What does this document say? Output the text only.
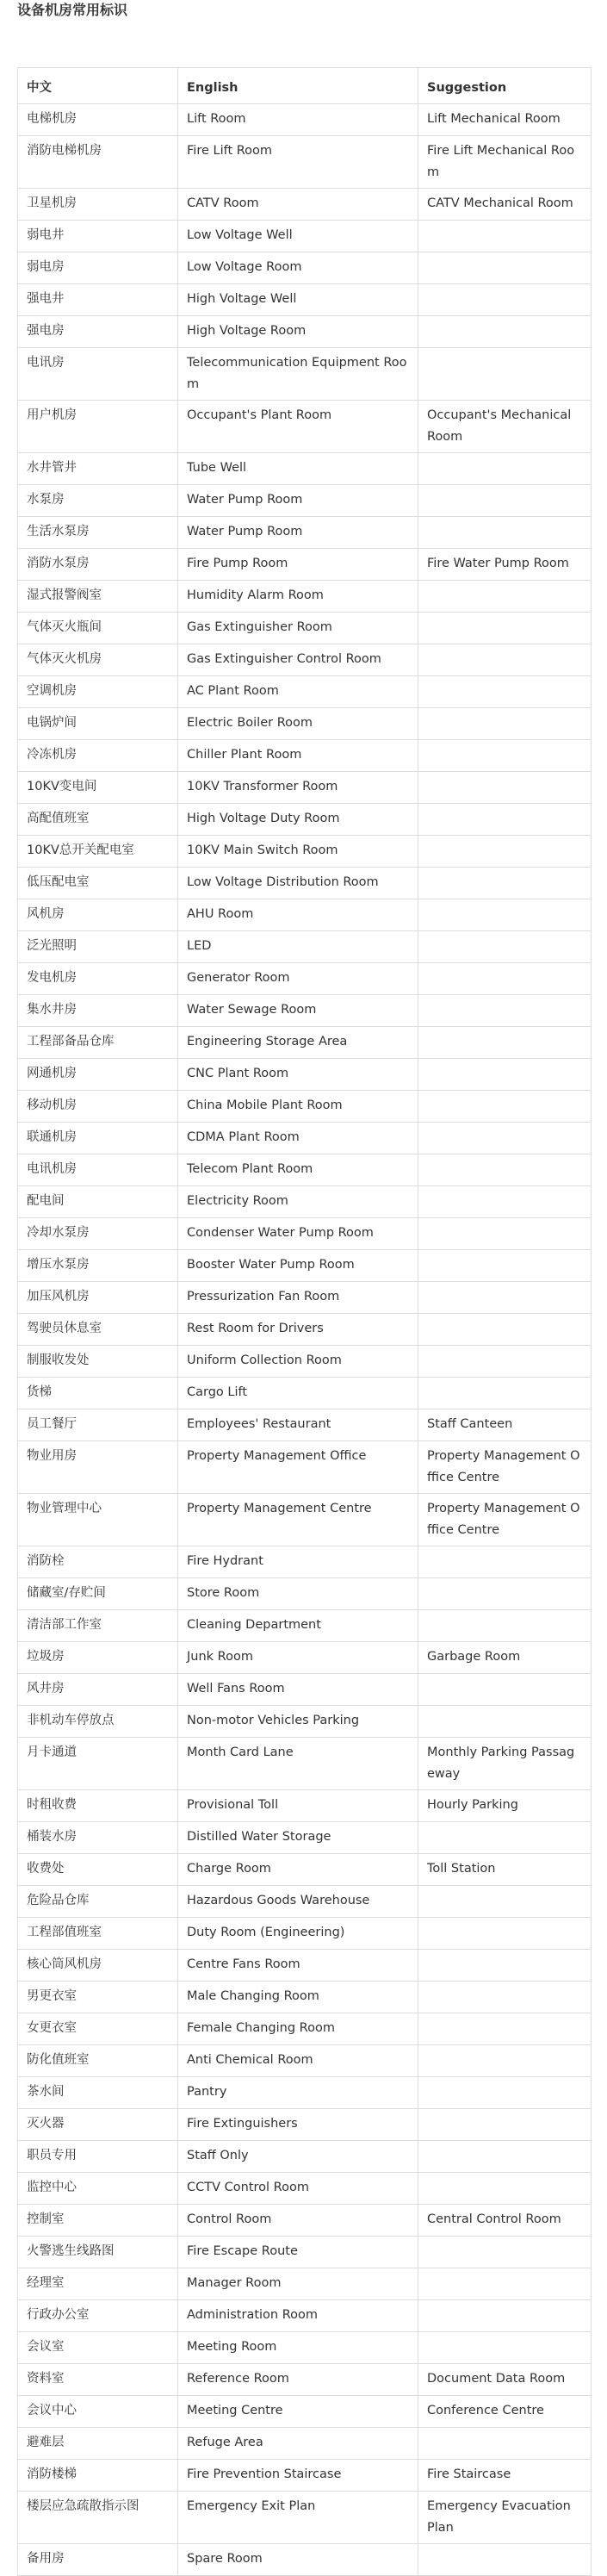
设备机房常用标识
中文	English	Suggestion
电梯机房	Lift Room	Lift Mechanical Room
消防电梯机房	Fire Lift Room	Fire Lift Mechanical Room
卫星机房	CATV Room	CATV Mechanical Room
弱电井	Low Voltage Well	
弱电房	Low Voltage Room	
强电井	High Voltage Well	
强电房	High Voltage Room	
电讯房	Telecommunication Equipment Room	
用户机房	Occupant's Plant Room	Occupant's Mechanical Room
水井管井	Tube Well	
水泵房	Water Pump Room	
生活水泵房	Water Pump Room	
消防水泵房	Fire Pump Room	Fire Water Pump Room
湿式报警阀室	Humidity Alarm Room	
气体灭火瓶间	Gas Extinguisher Room	
气体灭火机房	Gas Extinguisher Control Room	
空调机房	AC Plant Room	
电锅炉间	Electric Boiler Room	
冷冻机房	Chiller Plant Room	
10KV变电间	10KV Transformer Room	
高配值班室	High Voltage Duty Room	
10KV总开关配电室	10KV Main Switch Room	
低压配电室	Low Voltage Distribution Room	
风机房	AHU Room	
泛光照明	LED	
发电机房	Generator Room	
集水井房	Water Sewage Room	
工程部备品仓库	Engineering Storage Area	
网通机房	CNC Plant Room	
移动机房	China Mobile Plant Room	
联通机房	CDMA Plant Room	
电讯机房	Telecom Plant Room	
配电间	Electricity Room	
冷却水泵房	Condenser Water Pump Room	
增压水泵房	Booster Water Pump Room	
加压风机房	Pressurization Fan Room	
驾驶员休息室	Rest Room for Drivers	
制服收发处	Uniform Collection Room	
货梯	Cargo Lift	
员工餐厅	Employees' Restaurant	Staff Canteen
物业用房	Property Management Office	Property Management Office Centre
物业管理中心	Property Management Centre	Property Management Office Centre
消防栓	Fire Hydrant	
储藏室/存贮间	Store Room	
清洁部工作室	Cleaning Department	
垃圾房	Junk Room	Garbage Room
风井房	Well Fans Room	
非机动车停放点	Non-motor Vehicles Parking	
月卡通道	Month Card Lane	Monthly Parking Passageway
时租收费	Provisional Toll	Hourly Parking
桶装水房	Distilled Water Storage	
收费处	Charge Room	Toll Station
危险品仓库	Hazardous Goods Warehouse	
工程部值班室	Duty Room (Engineering)	
核心筒风机房	Centre Fans Room	
男更衣室	Male Changing Room	
女更衣室	Female Changing Room	
防化值班室	Anti Chemical Room	
茶水间	Pantry	
灭火器	Fire Extinguishers	
职员专用	Staff Only	
监控中心	CCTV Control Room	
控制室	Control Room	Central Control Room
火警逃生线路图	Fire Escape Route	
经理室	Manager Room	
行政办公室	Administration Room	
会议室	Meeting Room	
资料室	Reference Room	Document Data Room
会议中心	Meeting Centre	Conference Centre
避难层	Refuge Area	
消防楼梯	Fire Prevention Staircase	Fire Staircase
楼层应急疏散指示图	Emergency Exit Plan	Emergency Evacuation Plan
备用房	Spare Room	
